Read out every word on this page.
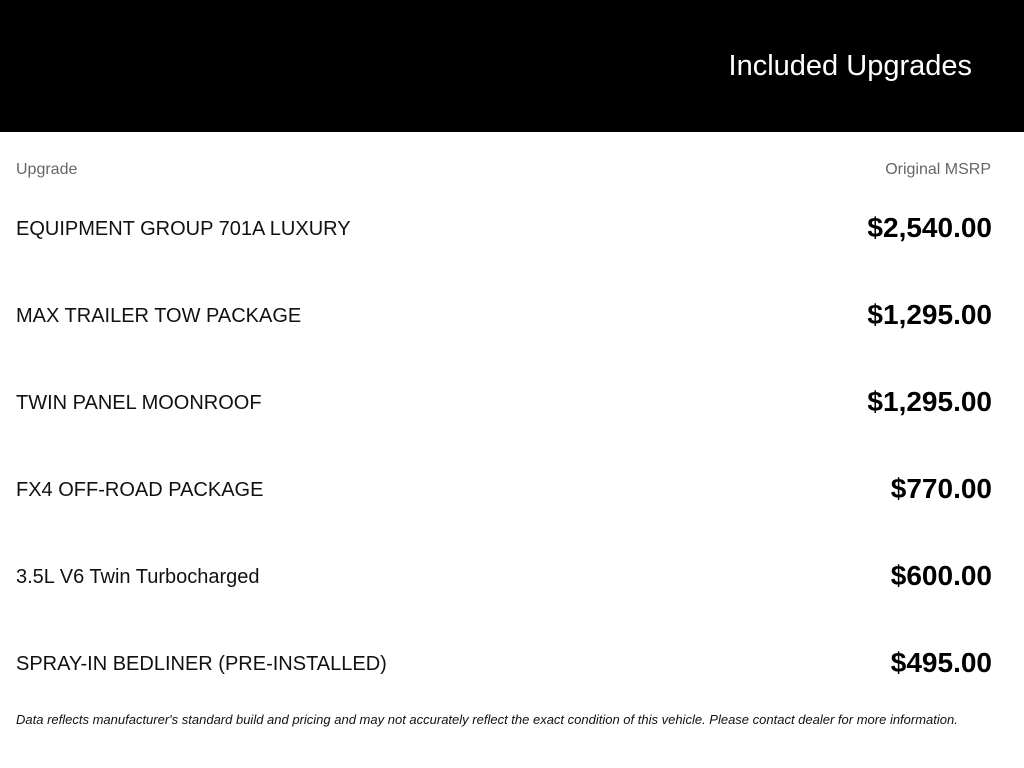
Included Upgrades
Upgrade	Original MSRP
EQUIPMENT GROUP 701A LUXURY	$2,540.00
MAX TRAILER TOW PACKAGE	$1,295.00
TWIN PANEL MOONROOF	$1,295.00
FX4 OFF-ROAD PACKAGE	$770.00
3.5L V6 Twin Turbocharged	$600.00
SPRAY-IN BEDLINER (PRE-INSTALLED)	$495.00
Data reflects manufacturer's standard build and pricing and may not accurately reflect the exact condition of this vehicle. Please contact dealer for more information.
